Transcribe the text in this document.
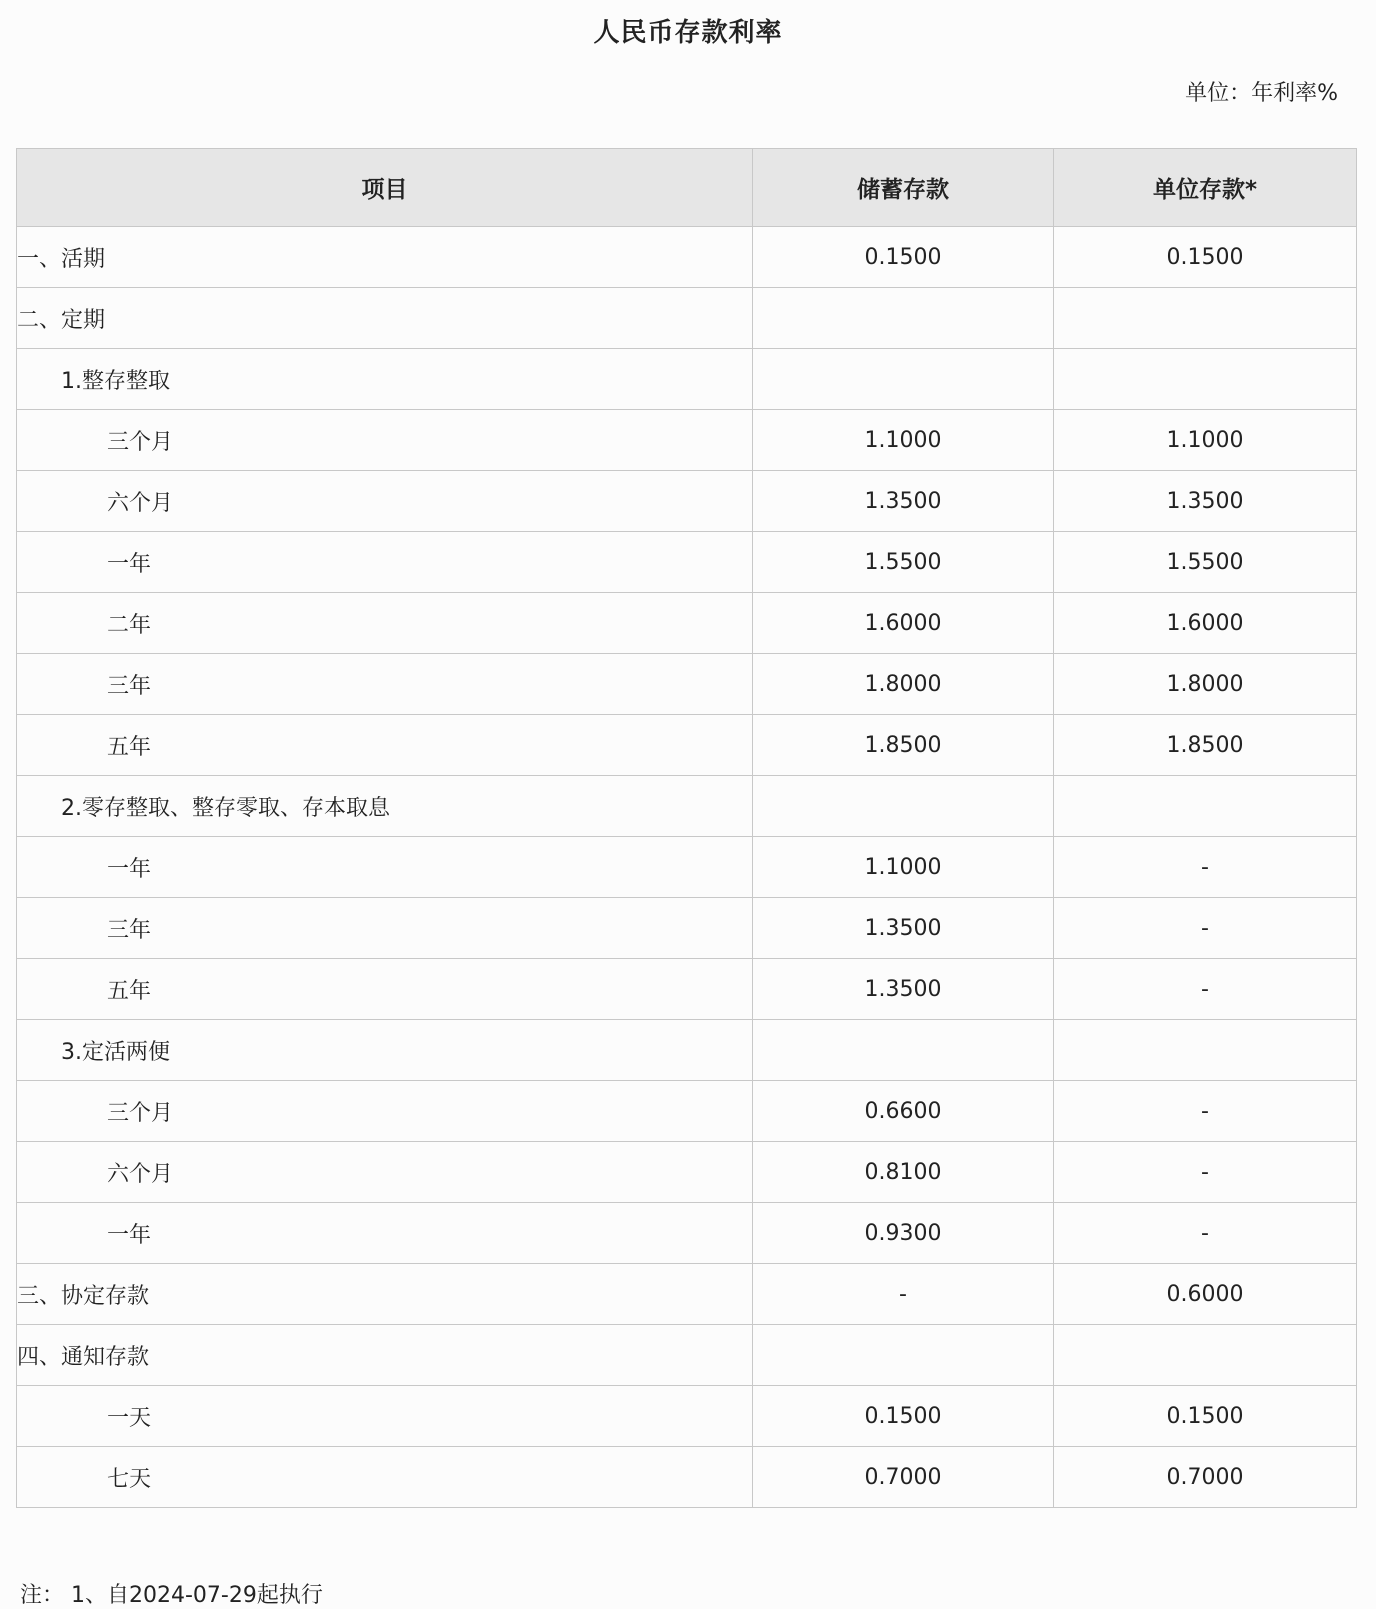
人民币存款利率
单位：年利率%
项目	储蓄存款	单位存款*
一、活期	0.1500	0.1500
二、定期		
1.整存整取		
三个月	1.1000	1.1000
六个月	1.3500	1.3500
一年	1.5500	1.5500
二年	1.6000	1.6000
三年	1.8000	1.8000
五年	1.8500	1.8500
2.零存整取、整存零取、存本取息		
一年	1.1000	-
三年	1.3500	-
五年	1.3500	-
3.定活两便		
三个月	0.6600	-
六个月	0.8100	-
一年	0.9300	-
三、协定存款	-	0.6000
四、通知存款		
一天	0.1500	0.1500
七天	0.7000	0.7000
注： 1、自2024-07-29起执行
